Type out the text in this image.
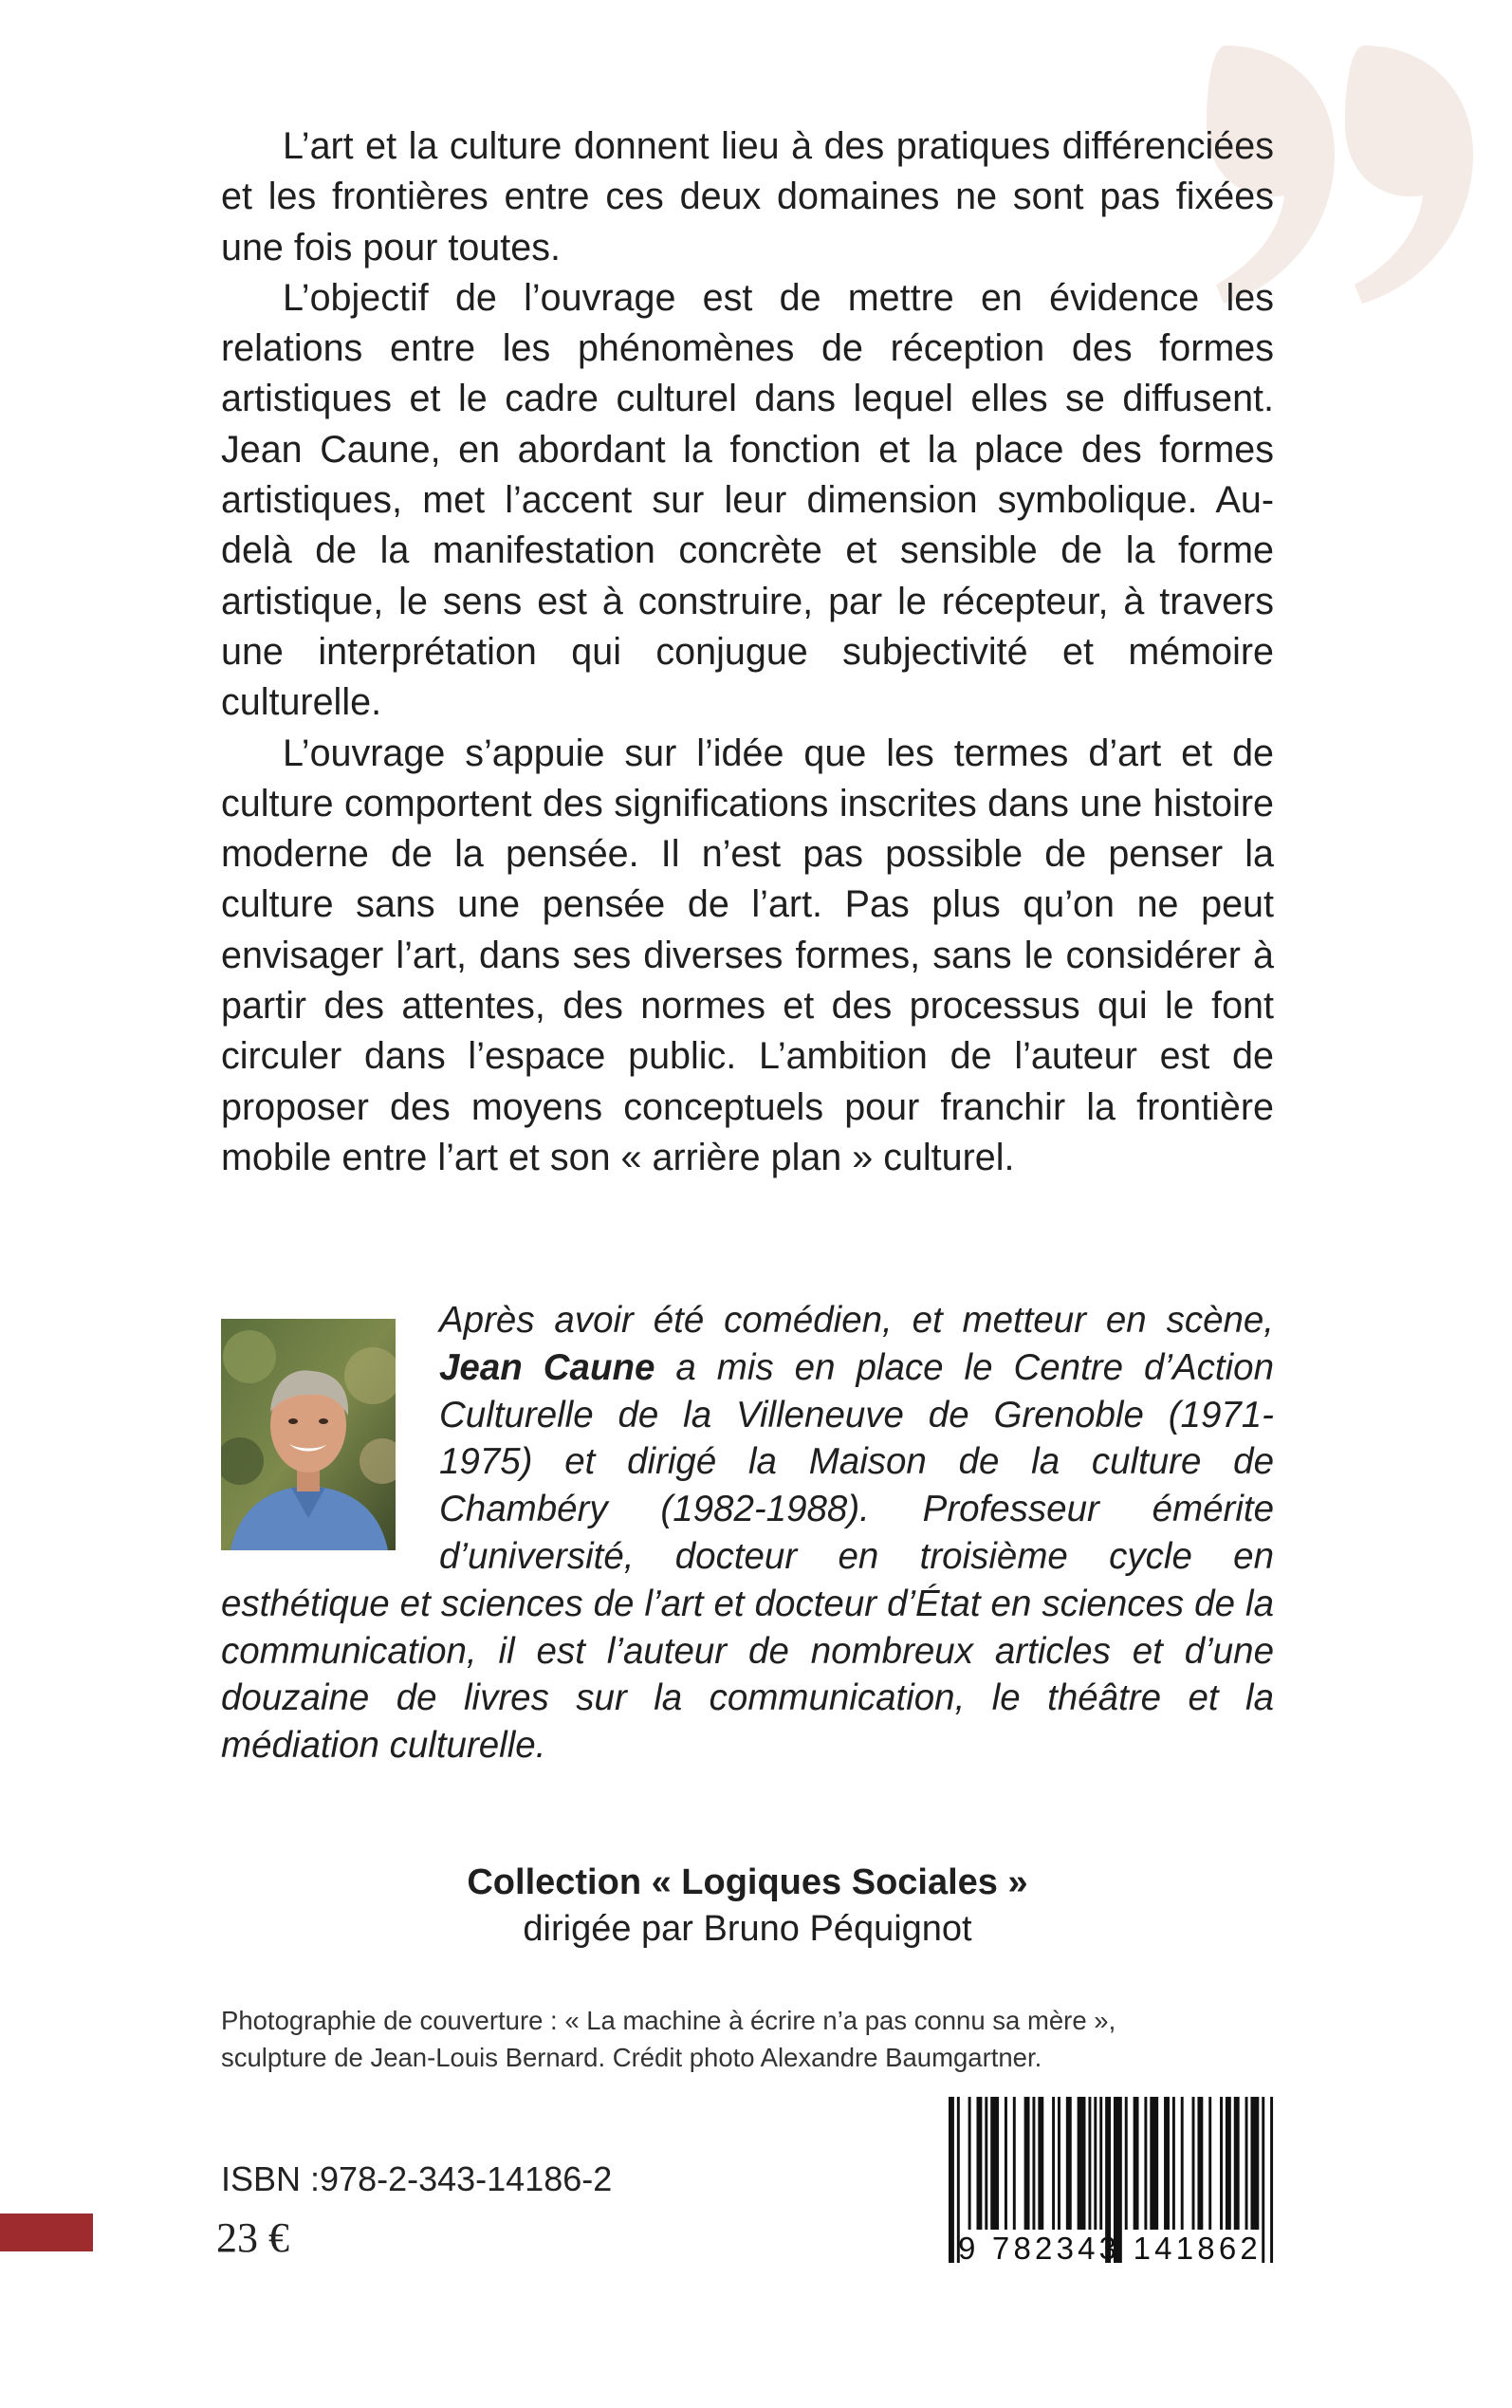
L’art et la culture donnent lieu à des pratiques différenciées et les frontières entre ces deux domaines ne sont pas fixées une fois pour toutes.

L’objectif de l’ouvrage est de mettre en évidence les relations entre les phénomènes de réception des formes artistiques et le cadre culturel dans lequel elles se diffusent. Jean Caune, en abordant la fonction et la place des formes artistiques, met l’accent sur leur dimension symbolique. Au-delà de la manifestation concrète et sensible de la forme artistique, le sens est à construire, par le récepteur, à travers une interprétation qui conjugue subjectivité et mémoire culturelle.

L’ouvrage s’appuie sur l’idée que les termes d’art et de culture comportent des significations inscrites dans une histoire moderne de la pensée. Il n’est pas possible de penser la culture sans une pensée de l’art. Pas plus qu’on ne peut envisager l’art, dans ses diverses formes, sans le considérer à partir des attentes, des normes et des processus qui le font circuler dans l’espace public. L’ambition de l’auteur est de proposer des moyens conceptuels pour franchir la frontière mobile entre l’art et son « arrière plan » culturel.

Après avoir été comédien, et metteur en scène, Jean Caune a mis en place le Centre d’Action Culturelle de la Villeneuve de Grenoble (1971-1975) et dirigé la Maison de la culture de Chambéry (1982-1988). Professeur émérite d’université, docteur en troisième cycle en esthétique et sciences de l’art et docteur d’État en sciences de la communication, il est l’auteur de nombreux articles et d’une douzaine de livres sur la communication, le théâtre et la médiation culturelle.
Collection « Logiques Sociales »
dirigée par Bruno Péquignot
Photographie de couverture : « La machine à écrire n’a pas connu sa mère »,
sculpture de Jean-Louis Bernard. Crédit photo Alexandre Baumgartner.
ISBN :978-2-343-14186-2
23 €	9 782343 141862
